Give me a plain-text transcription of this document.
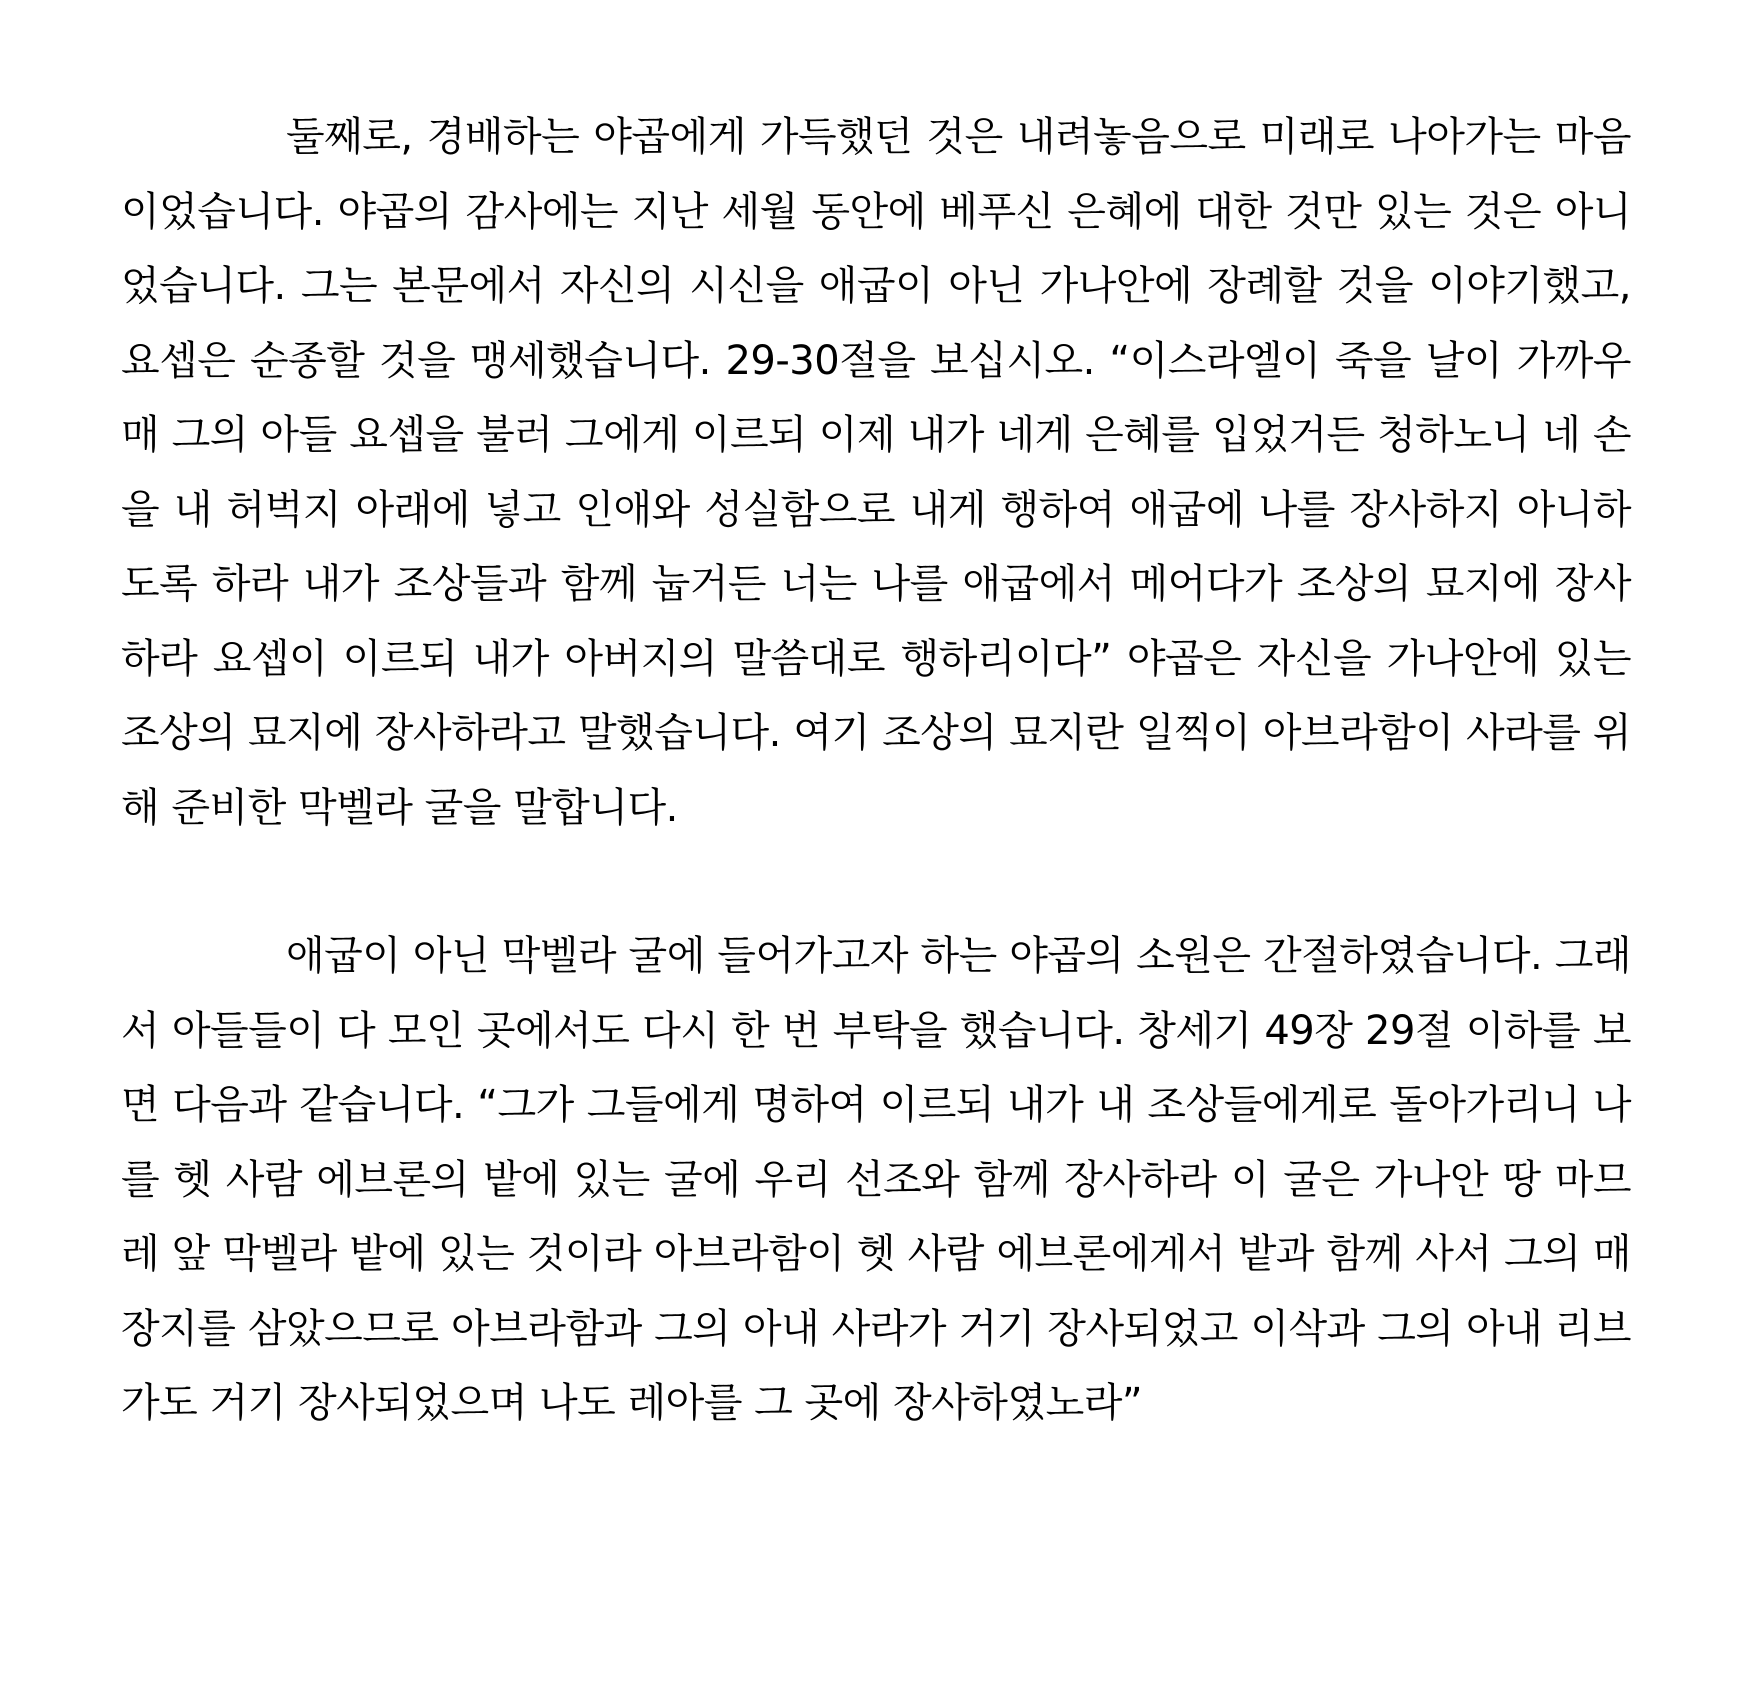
둘째로, 경배하는 야곱에게 가득했던 것은 내려놓음으로 미래로 나아가는 마음이었습니다. 야곱의 감사에는 지난 세월 동안에 베푸신 은혜에 대한 것만 있는 것은 아니었습니다. 그는 본문에서 자신의 시신을 애굽이 아닌 가나안에 장례할 것을 이야기했고, 요셉은 순종할 것을 맹세했습니다. 29-30절을 보십시오. “이스라엘이 죽을 날이 가까우매 그의 아들 요셉을 불러 그에게 이르되 이제 내가 네게 은혜를 입었거든 청하노니 네 손을 내 허벅지 아래에 넣고 인애와 성실함으로 내게 행하여 애굽에 나를 장사하지 아니하도록 하라 내가 조상들과 함께 눕거든 너는 나를 애굽에서 메어다가 조상의 묘지에 장사하라 요셉이 이르되 내가 아버지의 말씀대로 행하리이다” 야곱은 자신을 가나안에 있는 조상의 묘지에 장사하라고 말했습니다. 여기 조상의 묘지란 일찍이 아브라함이 사라를 위해 준비한 막벨라 굴을 말합니다.

애굽이 아닌 막벨라 굴에 들어가고자 하는 야곱의 소원은 간절하였습니다. 그래서 아들들이 다 모인 곳에서도 다시 한 번 부탁을 했습니다. 창세기 49장 29절 이하를 보면 다음과 같습니다. “그가 그들에게 명하여 이르되 내가 내 조상들에게로 돌아가리니 나를 헷 사람 에브론의 밭에 있는 굴에 우리 선조와 함께 장사하라 이 굴은 가나안 땅 마므레 앞 막벨라 밭에 있는 것이라 아브라함이 헷 사람 에브론에게서 밭과 함께 사서 그의 매장지를 삼았으므로 아브라함과 그의 아내 사라가 거기 장사되었고 이삭과 그의 아내 리브가도 거기 장사되었으며 나도 레아를 그 곳에 장사하였노라”
